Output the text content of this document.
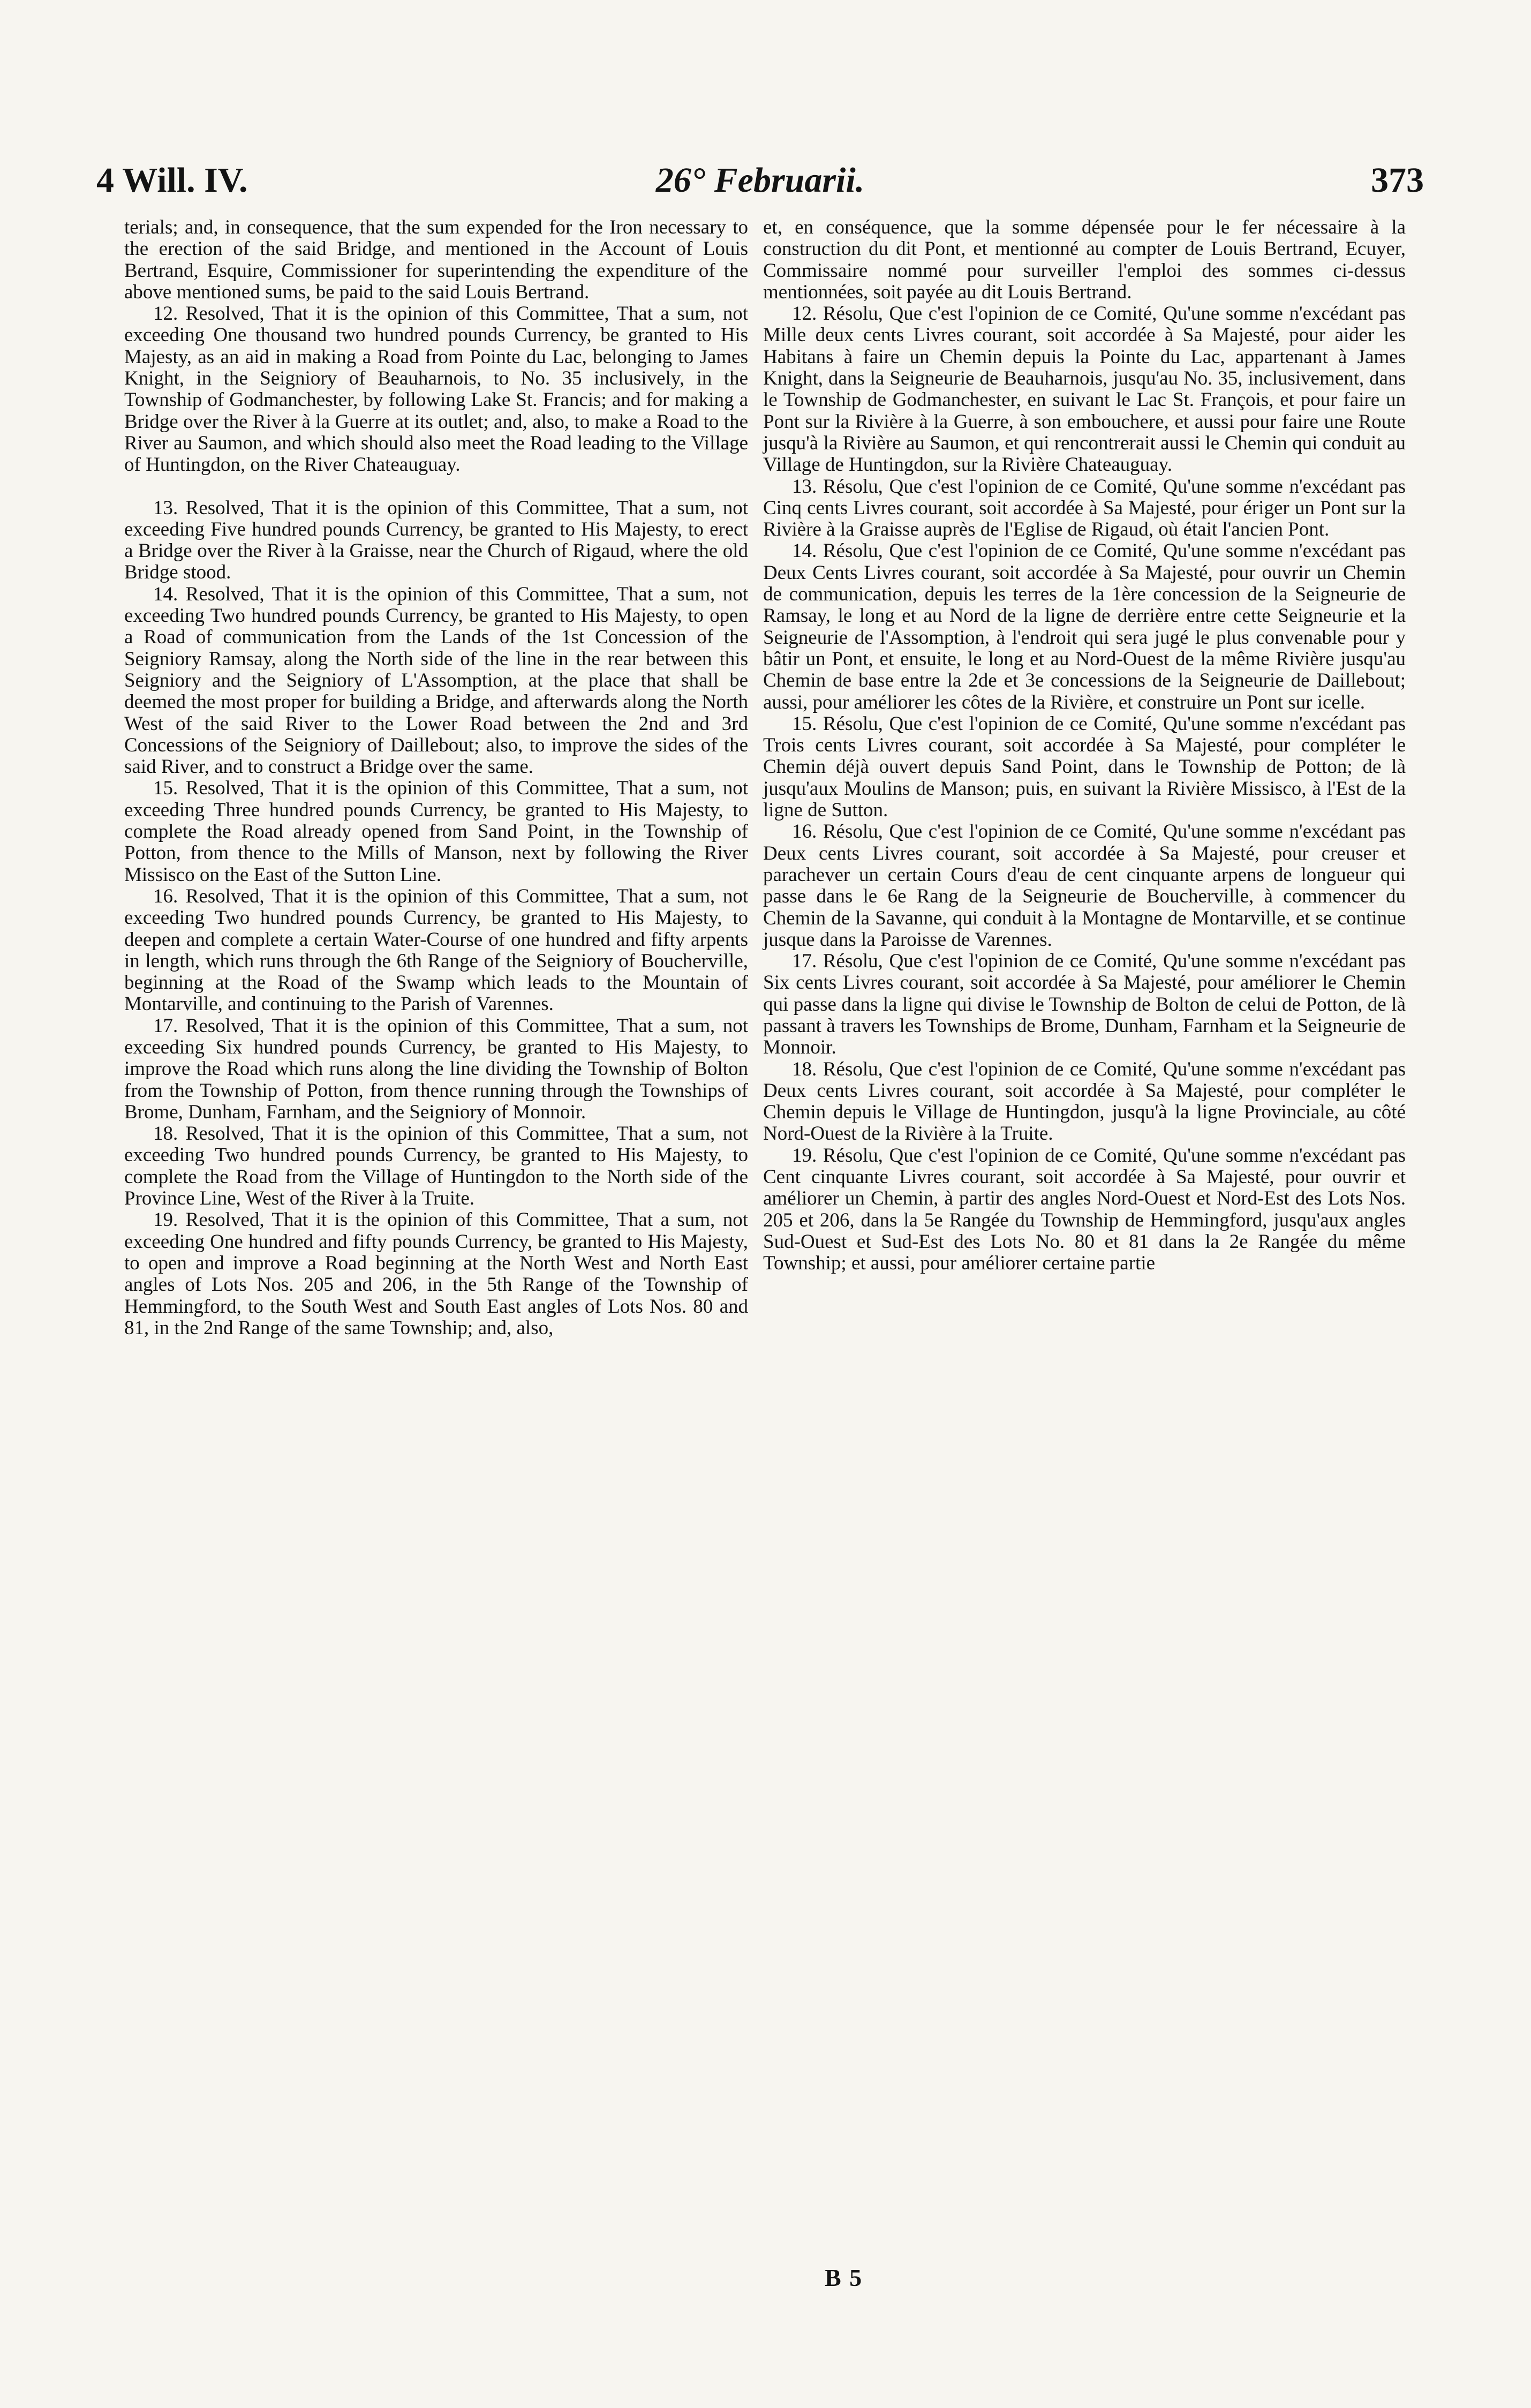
4 Will. IV.	26° Februarii.	373

terials; and, in consequence, that the sum expended for the Iron necessary to the erection of the said Bridge, and mentioned in the Account of Louis Bertrand, Esquire, Commissioner for superintending the expenditure of the above mentioned sums, be paid to the said Louis Bertrand.

12. Resolved, That it is the opinion of this Committee, That a sum, not exceeding One thousand two hundred pounds Currency, be granted to His Majesty, as an aid in making a Road from Pointe du Lac, belonging to James Knight, in the Seigniory of Beauharnois, to No. 35 inclusively, in the Township of Godmanchester, by following Lake St. Francis; and for making a Bridge over the River à la Guerre at its outlet; and, also, to make a Road to the River au Saumon, and which should also meet the Road leading to the Village of Huntingdon, on the River Chateauguay.

13. Resolved, That it is the opinion of this Committee, That a sum, not exceeding Five hundred pounds Currency, be granted to His Majesty, to erect a Bridge over the River à la Graisse, near the Church of Rigaud, where the old Bridge stood.

14. Resolved, That it is the opinion of this Committee, That a sum, not exceeding Two hundred pounds Currency, be granted to His Majesty, to open a Road of communication from the Lands of the 1st Concession of the Seigniory Ramsay, along the North side of the line in the rear between this Seigniory and the Seigniory of L'Assomption, at the place that shall be deemed the most proper for building a Bridge, and afterwards along the North West of the said River to the Lower Road between the 2nd and 3rd Concessions of the Seigniory of Daillebout; also, to improve the sides of the said River, and to construct a Bridge over the same.

15. Resolved, That it is the opinion of this Committee, That a sum, not exceeding Three hundred pounds Currency, be granted to His Majesty, to complete the Road already opened from Sand Point, in the Township of Potton, from thence to the Mills of Manson, next by following the River Missisco on the East of the Sutton Line.

16. Resolved, That it is the opinion of this Committee, That a sum, not exceeding Two hundred pounds Currency, be granted to His Majesty, to deepen and complete a certain Water-Course of one hundred and fifty arpents in length, which runs through the 6th Range of the Seigniory of Boucherville, beginning at the Road of the Swamp which leads to the Mountain of Montarville, and continuing to the Parish of Varennes.

17. Resolved, That it is the opinion of this Committee, That a sum, not exceeding Six hundred pounds Currency, be granted to His Majesty, to improve the Road which runs along the line dividing the Township of Bolton from the Township of Potton, from thence running through the Townships of Brome, Dunham, Farnham, and the Seigniory of Monnoir.

18. Resolved, That it is the opinion of this Committee, That a sum, not exceeding Two hundred pounds Currency, be granted to His Majesty, to complete the Road from the Village of Huntingdon to the North side of the Province Line, West of the River à la Truite.

19. Resolved, That it is the opinion of this Committee, That a sum, not exceeding One hundred and fifty pounds Currency, be granted to His Majesty, to open and improve a Road beginning at the North West and North East angles of Lots Nos. 205 and 206, in the 5th Range of the Township of Hemmingford, to the South West and South East angles of Lots Nos. 80 and 81, in the 2nd Range of the same Township; and, also,

et, en conséquence, que la somme dépensée pour le fer nécessaire à la construction du dit Pont, et mentionné au compter de Louis Bertrand, Ecuyer, Commissaire nommé pour surveiller l'emploi des sommes ci-dessus mentionnées, soit payée au dit Louis Bertrand.

12. Résolu, Que c'est l'opinion de ce Comité, Qu'une somme n'excédant pas Mille deux cents Livres courant, soit accordée à Sa Majesté, pour aider les Habitans à faire un Chemin depuis la Pointe du Lac, appartenant à James Knight, dans la Seigneurie de Beauharnois, jusqu'au No. 35, inclusivement, dans le Township de Godmanchester, en suivant le Lac St. François, et pour faire un Pont sur la Rivière à la Guerre, à son embouchere, et aussi pour faire une Route jusqu'à la Rivière au Saumon, et qui rencontrerait aussi le Chemin qui conduit au Village de Huntingdon, sur la Rivière Chateauguay.

13. Résolu, Que c'est l'opinion de ce Comité, Qu'une somme n'excédant pas Cinq cents Livres courant, soit accordée à Sa Majesté, pour ériger un Pont sur la Rivière à la Graisse auprès de l'Eglise de Rigaud, où était l'ancien Pont.

14. Résolu, Que c'est l'opinion de ce Comité, Qu'une somme n'excédant pas Deux Cents Livres courant, soit accordée à Sa Majesté, pour ouvrir un Chemin de communication, depuis les terres de la 1ère concession de la Seigneurie de Ramsay, le long et au Nord de la ligne de derrière entre cette Seigneurie et la Seigneurie de l'Assomption, à l'endroit qui sera jugé le plus convenable pour y bâtir un Pont, et ensuite, le long et au Nord-Ouest de la même Rivière jusqu'au Chemin de base entre la 2de et 3e concessions de la Seigneurie de Daillebout; aussi, pour améliorer les côtes de la Rivière, et construire un Pont sur icelle.

15. Résolu, Que c'est l'opinion de ce Comité, Qu'une somme n'excédant pas Trois cents Livres courant, soit accordée à Sa Majesté, pour compléter le Chemin déjà ouvert depuis Sand Point, dans le Township de Potton; de là jusqu'aux Moulins de Manson; puis, en suivant la Rivière Missisco, à l'Est de la ligne de Sutton.

16. Résolu, Que c'est l'opinion de ce Comité, Qu'une somme n'excédant pas Deux cents Livres courant, soit accordée à Sa Majesté, pour creuser et parachever un certain Cours d'eau de cent cinquante arpens de longueur qui passe dans le 6e Rang de la Seigneurie de Boucherville, à commencer du Chemin de la Savanne, qui conduit à la Montagne de Montarville, et se continue jusque dans la Paroisse de Varennes.

17. Résolu, Que c'est l'opinion de ce Comité, Qu'une somme n'excédant pas Six cents Livres courant, soit accordée à Sa Majesté, pour améliorer le Chemin qui passe dans la ligne qui divise le Township de Bolton de celui de Potton, de là passant à travers les Townships de Brome, Dunham, Farnham et la Seigneurie de Monnoir.

18. Résolu, Que c'est l'opinion de ce Comité, Qu'une somme n'excédant pas Deux cents Livres courant, soit accordée à Sa Majesté, pour compléter le Chemin depuis le Village de Huntingdon, jusqu'à la ligne Provinciale, au côté Nord-Ouest de la Rivière à la Truite.

19. Résolu, Que c'est l'opinion de ce Comité, Qu'une somme n'excédant pas Cent cinquante Livres courant, soit accordée à Sa Majesté, pour ouvrir et améliorer un Chemin, à partir des angles Nord-Ouest et Nord-Est des Lots Nos. 205 et 206, dans la 5e Rangée du Township de Hemmingford, jusqu'aux angles Sud-Ouest et Sud-Est des Lots No. 80 et 81 dans la 2e Rangée du même Township; et aussi, pour améliorer certaine partie

B 5
